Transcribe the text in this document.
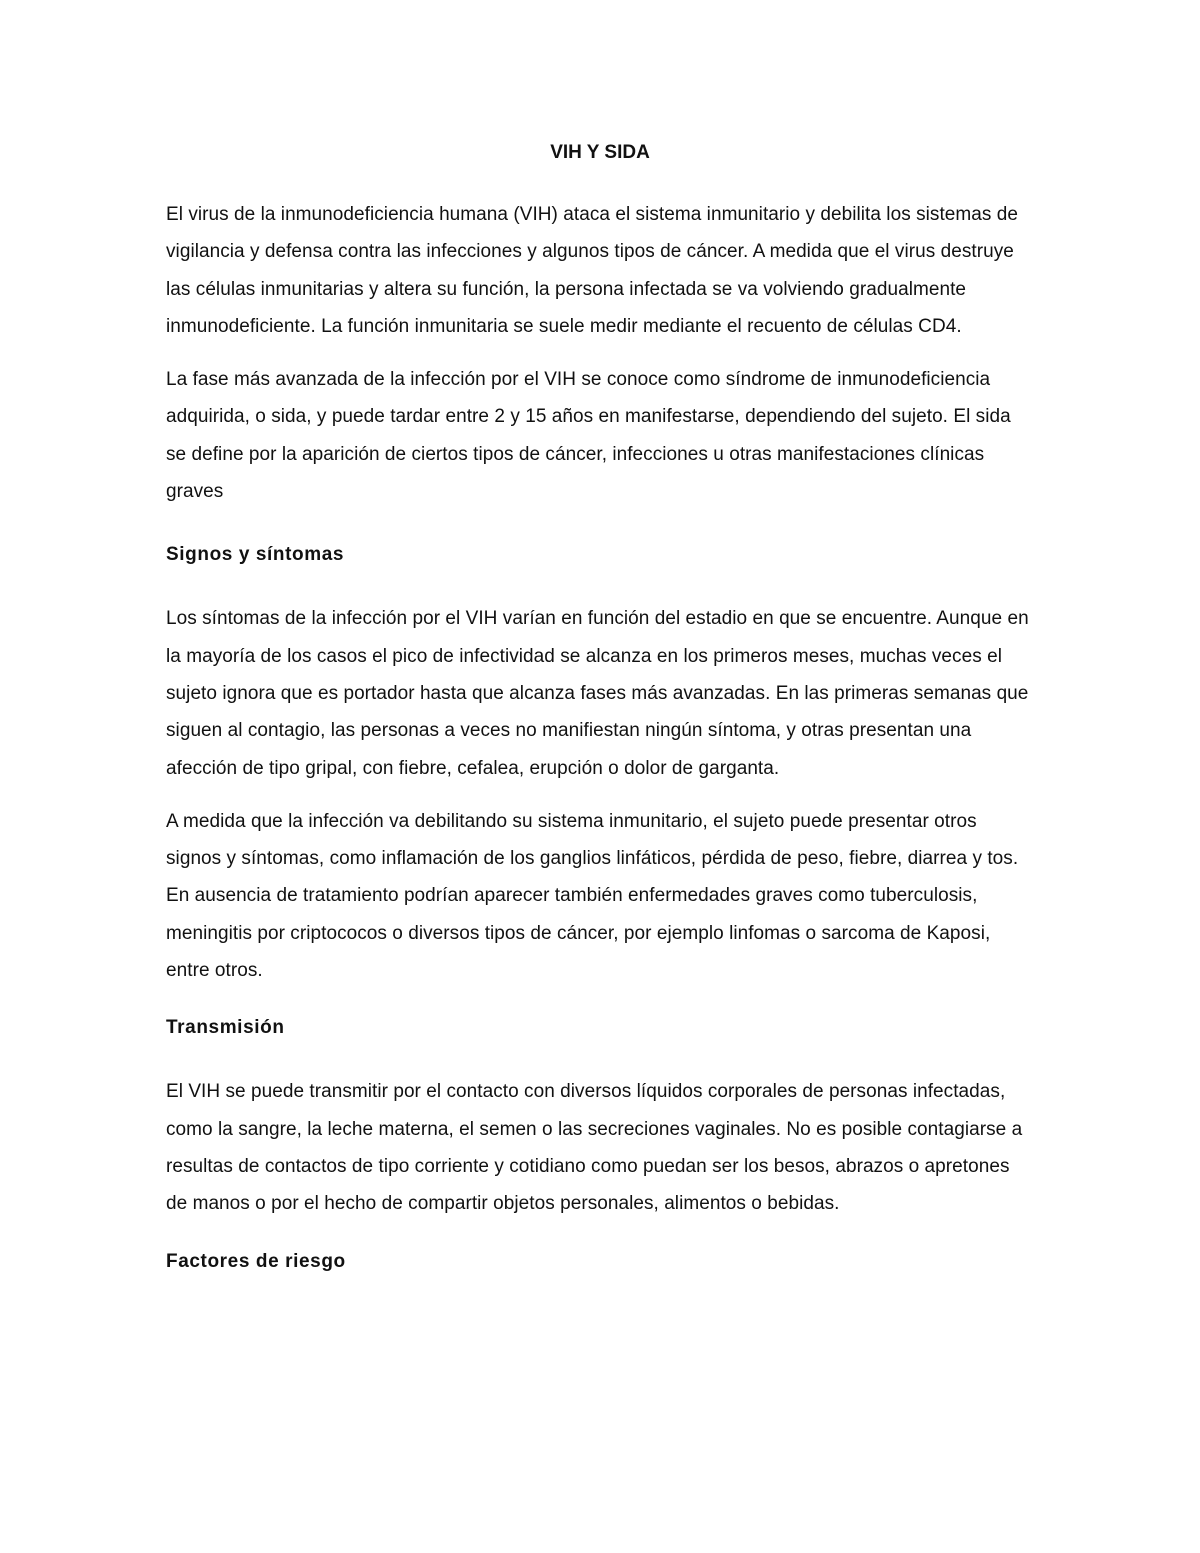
VIH Y SIDA

El virus de la inmunodeficiencia humana (VIH) ataca el sistema inmunitario y debilita los sistemas de vigilancia y defensa contra las infecciones y algunos tipos de cáncer. A medida que el virus destruye las células inmunitarias y altera su función, la persona infectada se va volviendo gradualmente inmunodeficiente. La función inmunitaria se suele medir mediante el recuento de células CD4.

La fase más avanzada de la infección por el VIH se conoce como síndrome de inmunodeficiencia adquirida, o sida, y puede tardar entre 2 y 15 años en manifestarse, dependiendo del sujeto. El sida se define por la aparición de ciertos tipos de cáncer, infecciones u otras manifestaciones clínicas graves

Signos y síntomas

Los síntomas de la infección por el VIH varían en función del estadio en que se encuentre. Aunque en la mayoría de los casos el pico de infectividad se alcanza en los primeros meses, muchas veces el sujeto ignora que es portador hasta que alcanza fases más avanzadas. En las primeras semanas que siguen al contagio, las personas a veces no manifiestan ningún síntoma, y otras presentan una afección de tipo gripal, con fiebre, cefalea, erupción o dolor de garganta.

A medida que la infección va debilitando su sistema inmunitario, el sujeto puede presentar otros signos y síntomas, como inflamación de los ganglios linfáticos, pérdida de peso, fiebre, diarrea y tos. En ausencia de tratamiento podrían aparecer también enfermedades graves como tuberculosis, meningitis por criptococos o diversos tipos de cáncer, por ejemplo linfomas o sarcoma de Kaposi, entre otros.

Transmisión

El VIH se puede transmitir por el contacto con diversos líquidos corporales de personas infectadas, como la sangre, la leche materna, el semen o las secreciones vaginales. No es posible contagiarse a resultas de contactos de tipo corriente y cotidiano como puedan ser los besos, abrazos o apretones de manos o por el hecho de compartir objetos personales, alimentos o bebidas.

Factores de riesgo
